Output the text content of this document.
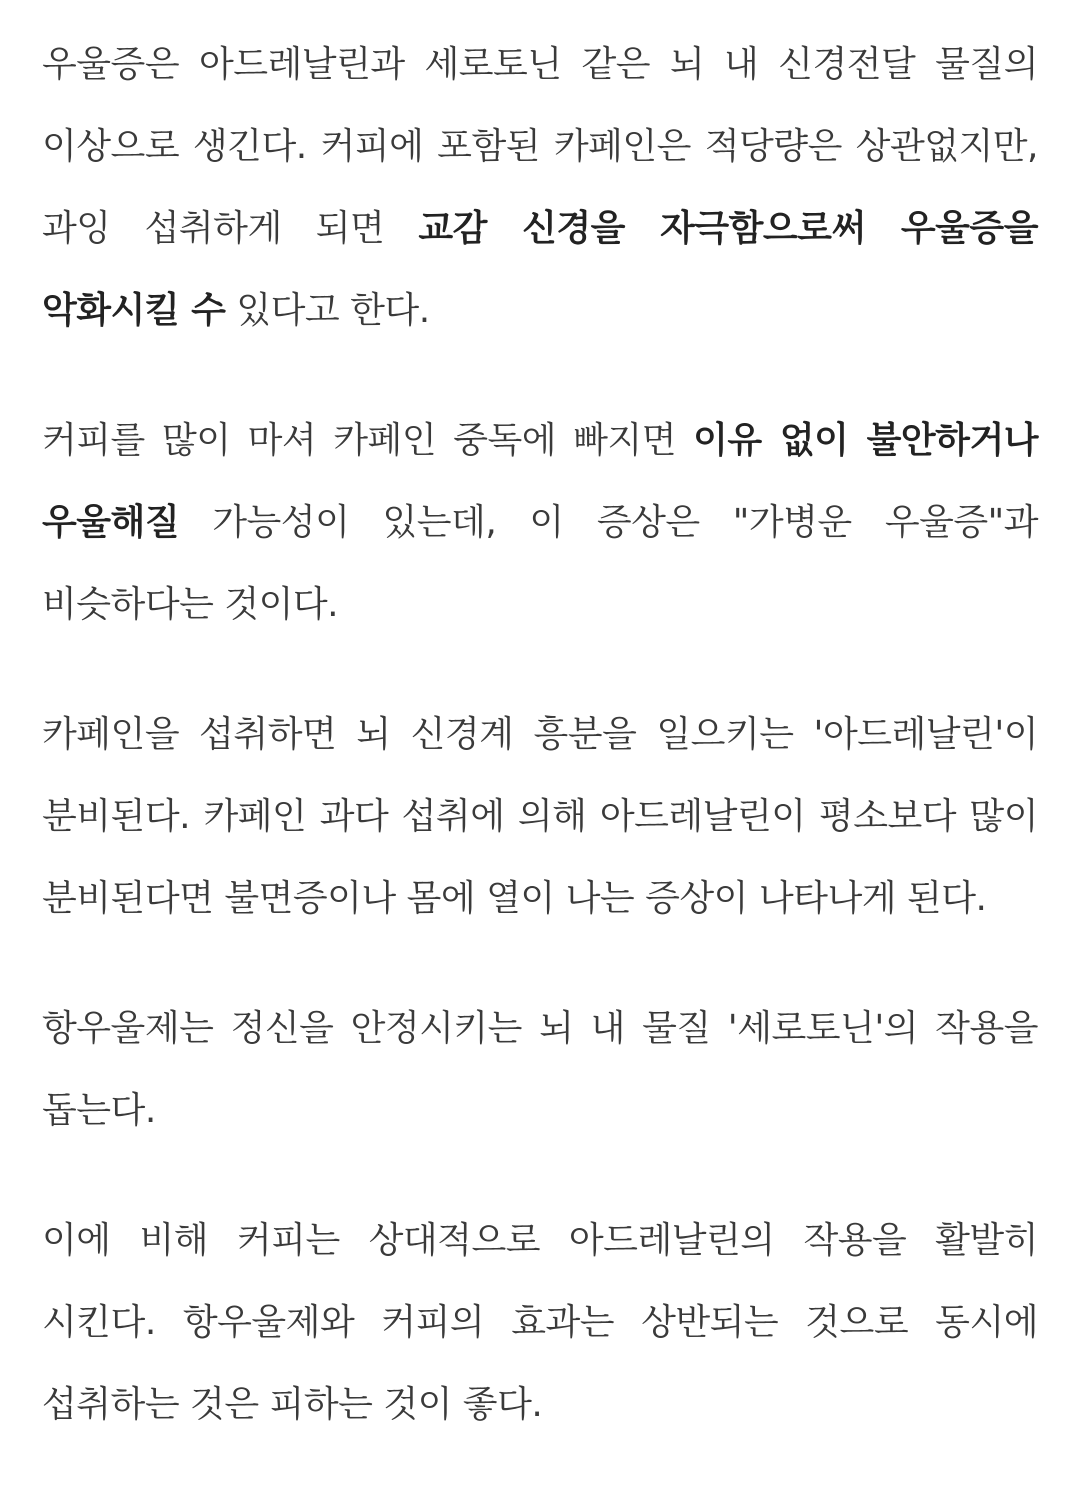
우울증은 아드레날린과 세로토닌 같은 뇌 내 신경전달 물질의 이상으로 생긴다. 커피에 포함된 카페인은 적당량은 상관없지만, 과잉 섭취하게 되면 교감 신경을 자극함으로써 우울증을 악화시킬 수 있다고 한다.

커피를 많이 마셔 카페인 중독에 빠지면 이유 없이 불안하거나 우울해질 가능성이 있는데, 이 증상은 "가병운 우울증"과 비슷하다는 것이다.

카페인을 섭취하면 뇌 신경계 흥분을 일으키는 '아드레날린'이 분비된다. 카페인 과다 섭취에 의해 아드레날린이 평소보다 많이 분비된다면 불면증이나 몸에 열이 나는 증상이 나타나게 된다.

항우울제는 정신을 안정시키는 뇌 내 물질 '세로토닌'의 작용을 돕는다.

이에 비해 커피는 상대적으로 아드레날린의 작용을 활발히 시킨다. 항우울제와 커피의 효과는 상반되는 것으로 동시에 섭취하는 것은 피하는 것이 좋다.
